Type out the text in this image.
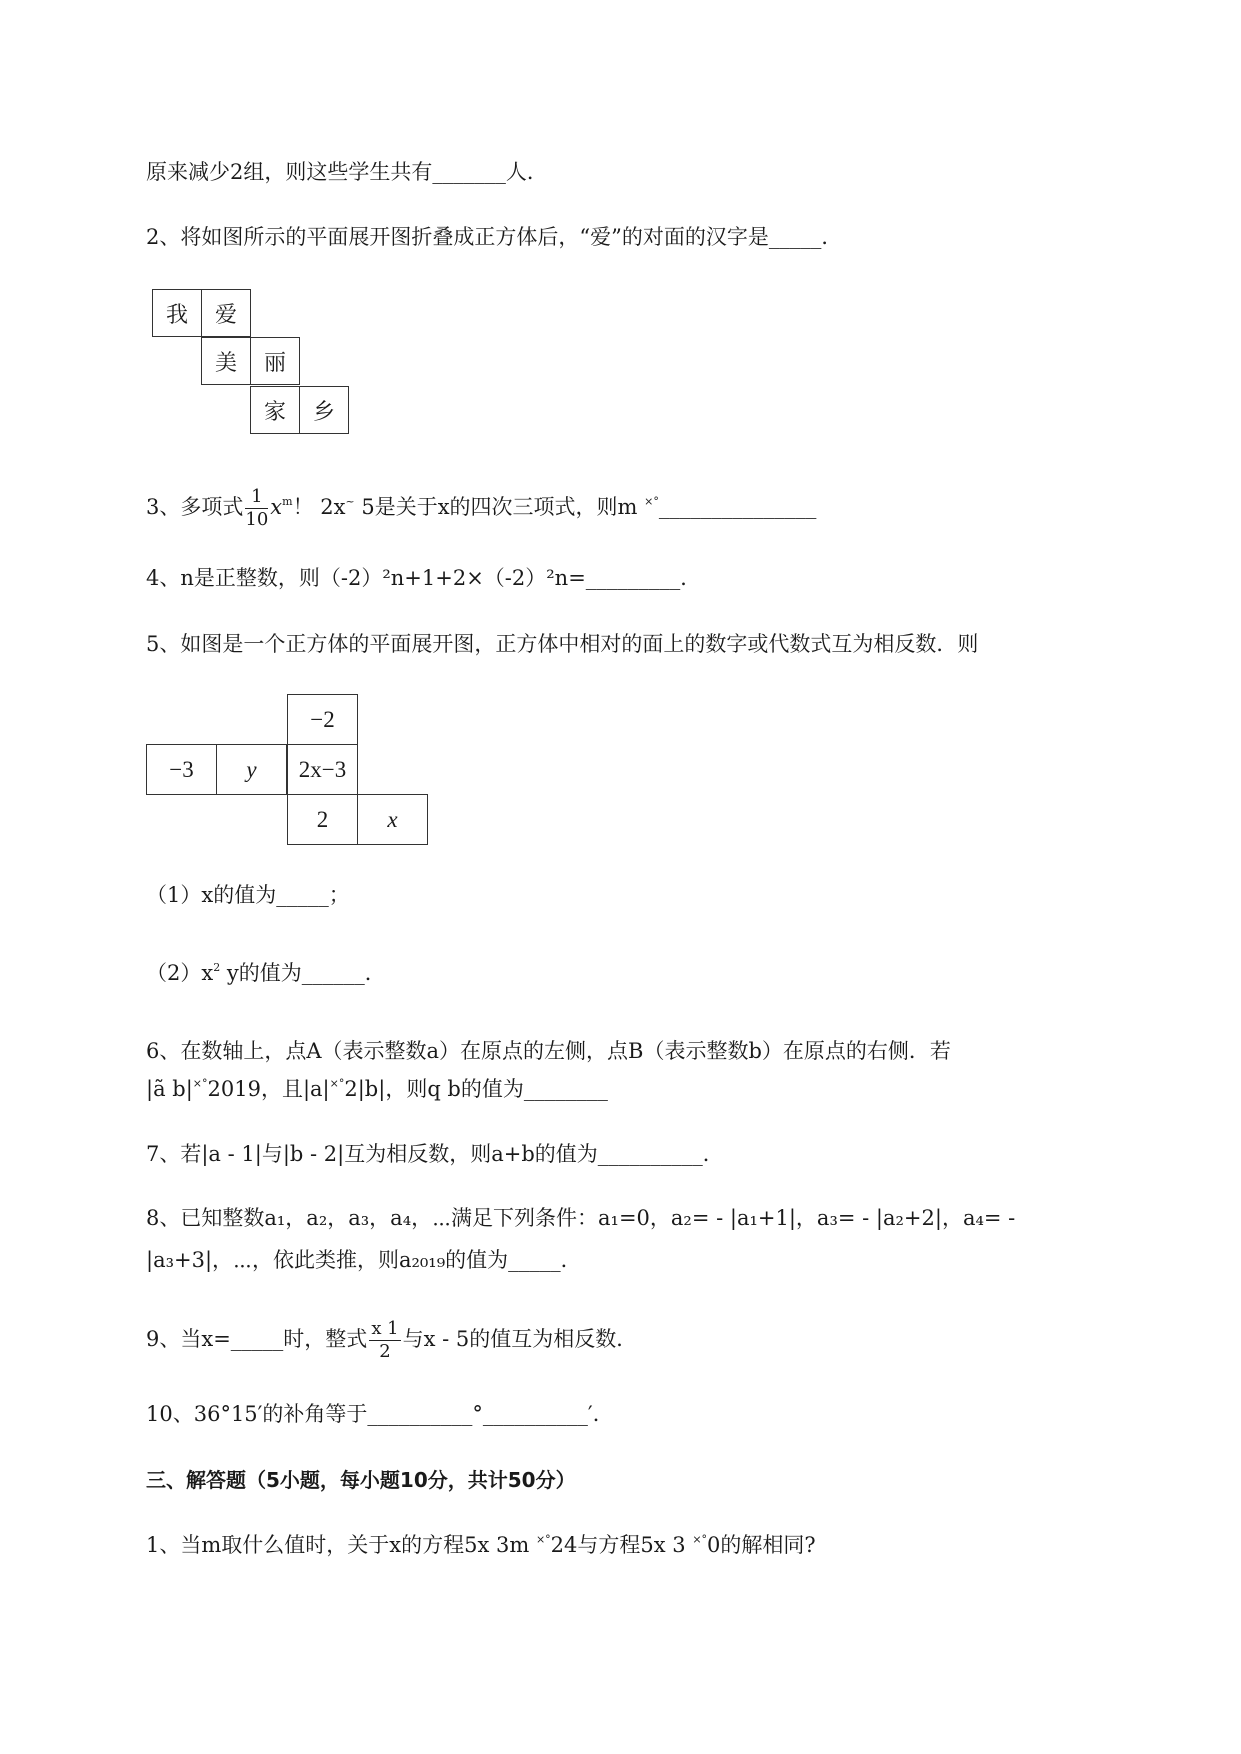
原来减少2组，则这些学生共有_______人．
2、将如图所示的平面展开图折叠成正方体后，“爱”的对面的汉字是_____．
我	爱
美	丽
家	乡
3、多项式 $\frac{1}{10} x^m$！ 2x~ 5是关于x的四次三项式，则m ×°_______________
4、n是正整数，则（-2）²n+1+2×（-2）²n=_________．
5、如图是一个正方体的平面展开图，正方体中相对的面上的数字或代数式互为相反数．则
−2
−3	y	2x−3
2	x
（1）x的值为_____；
$(2)x^2$ y的值为______．
6、在数轴上，点A（表示整数a）在原点的左侧，点B（表示整数b）在原点的右侧．若
|ã b|×°2019，且|a|×°2|b|，则q b的值为________
7、若|a - 1|与|b - 2|互为相反数，则a+b的值为__________．
8、已知整数a₁，a₂，a₃，a₄，⋯满足下列条件：a₁=0，a₂= - |a₁+1|，a₃= - |a₂+2|，a₄= -
|a₃+3|，⋯，依此类推，则a₂₀₁₉的值为_____．
9、当x=_____时，整式 $\frac{x 1}{2}$ 与x - 5的值互为相反数．
10、36°15′的补角等于__________°__________′．
三、解答题（5小题，每小题10分，共计50分）
1、当m取什么值时，关于x的方程5x 3m ×°24与方程5x 3 ×°0的解相同?
